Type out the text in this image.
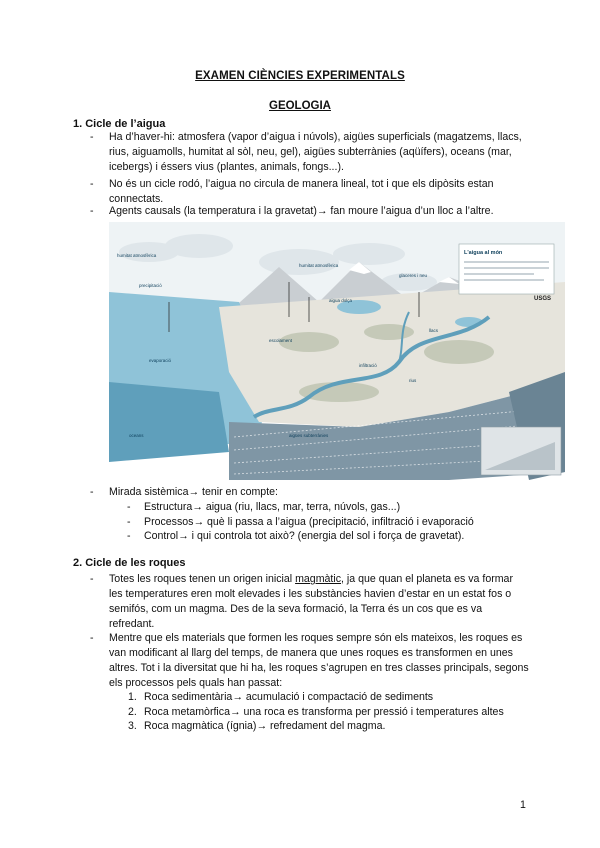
EXAMEN CIÈNCIES EXPERIMENTALS
GEOLOGIA
1. Cicle de l’aigua
- Ha d’haver-hi: atmosfera (vapor d’aigua i núvols), aigües superficials (magatzems, llacs, rius, aiguamolls, humitat al sòl, neu, gel), aigües subterrànies (aqüífers), oceans (mar, icebergs) i éssers vius (plantes, animals, fongs...).
- No és un cicle rodó, l’aigua no circula de manera lineal, tot i que els dipòsits estan connectats.
- Agents causals (la temperatura i la gravetat)→ fan moure l’aigua d’un lloc a l’altre.
L'aigua al món
USGS
humitat atmosfèrica
humitat atmosfèrica
precipitació
aigua dolça
glaceres i neu
escolament
infiltració
aigües subterrànies
oceans
llacs
evaporació
rius
- Mirada sistèmica→ tenir en compte:
- Estructura→ aigua (riu, llacs, mar, terra, núvols, gas...)
- Processos→ què li passa a l’aigua (precipitació, infiltració i evaporació
- Control→ i qui controla tot això? (energia del sol i força de gravetat).
2. Cicle de les roques
- Totes les roques tenen un origen inicial magmàtic, ja que quan el planeta es va formar les temperatures eren molt elevades i les substàncies havien d’estar en un estat fos o semifós, com un magma. Des de la seva formació, la Terra és un cos que es va refredant.
- Mentre que els materials que formen les roques sempre són els mateixos, les roques es van modificant al llarg del temps, de manera que unes roques es transformen en unes altres. Tot i la diversitat que hi ha, les roques s’agrupen en tres classes principals, segons els processos pels quals han passat:
1. Roca sedimentària→ acumulació i compactació de sediments
2. Roca metamòrfica→ una roca es transforma per pressió i temperatures altes
3. Roca magmàtica (ígnia)→ refredament del magma.
1
